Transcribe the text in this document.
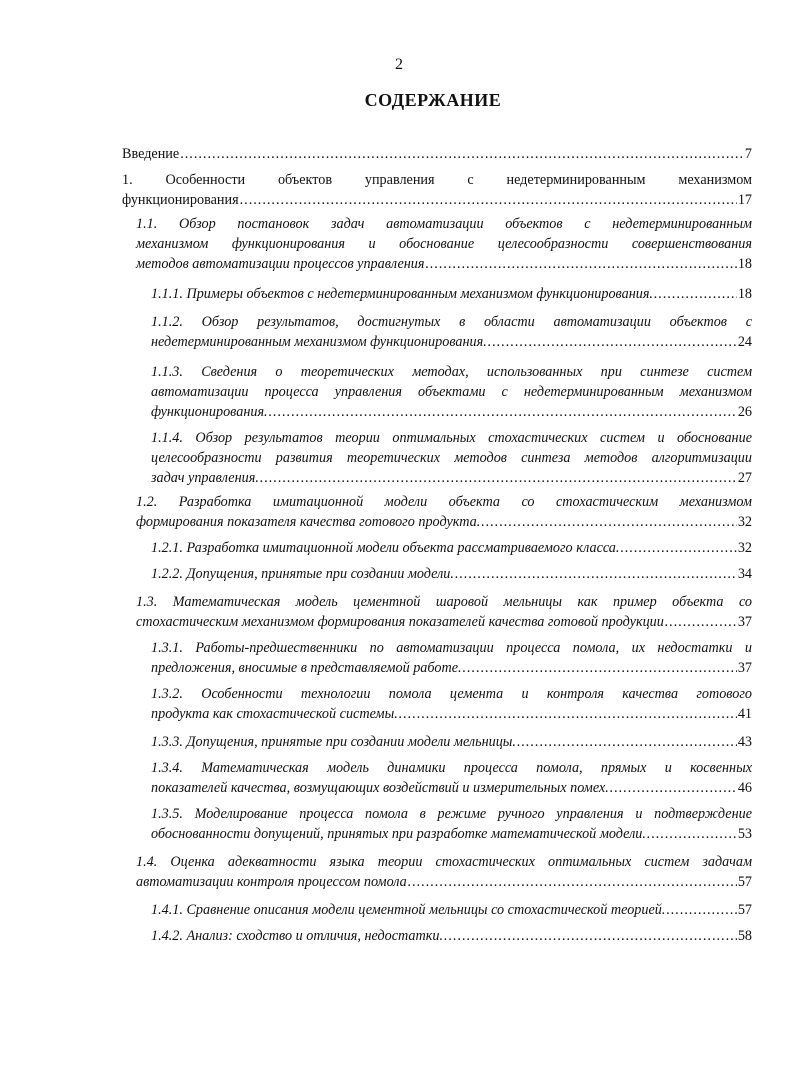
2
СОДЕРЖАНИЕ
Введение .....	7
1. Особенности объектов управления с недетерминированным механизмом
функционирования .....	17
1.1. Обзор постановок задач автоматизации объектов с недетерминированным
механизмом функционирования и обоснование целесообразности совершенствования
методов автоматизации процессов управления .....	18
1.1.1. Примеры объектов с недетерминированным механизмом функционирования. .....	18
1.1.2. Обзор результатов, достигнутых в области автоматизации объектов с
недетерминированным механизмом функционирования. .....	24
1.1.3. Сведения о теоретических методах, использованных при синтезе систем
автоматизации процесса управления объектами с недетерминированным механизмом
функционирования. .....	26
1.1.4. Обзор результатов теории оптимальных стохастических систем и обоснование
целесообразности развития теоретических методов синтеза методов алгоритмизации
задач управления. .....	27
1.2. Разработка имитационной модели объекта со стохастическим механизмом
формирования показателя качества готового продукта. .....	32
1.2.1. Разработка имитационной модели объекта рассматриваемого класса. .....	32
1.2.2. Допущения, принятые при создании модели. .....	34
1.3. Математическая модель цементной шаровой мельницы как пример объекта со
стохастическим механизмом формирования показателей качества готовой продукции .....	37
1.3.1. Работы-предшественники по автоматизации процесса помола, их недостатки и
предложения, вносимые в представляемой работе. .....	37
1.3.2. Особенности технологии помола цемента и контроля качества готового
продукта как стохастической системы. .....	41
1.3.3. Допущения, принятые при создании модели мельницы. .....	43
1.3.4. Математическая модель динамики процесса помола, прямых и косвенных
показателей качества, возмущающих воздействий и измерительных помех. .....	46
1.3.5. Моделирование процесса помола в режиме ручного управления и подтверждение
обоснованности допущений, принятых при разработке математической модели. .....	53
1.4. Оценка адекватности языка теории стохастических оптимальных систем задачам
автоматизации контроля процессом помола .....	57
1.4.1. Сравнение описания модели цементной мельницы со стохастической теорией. .....	57
1.4.2. Анализ: сходство и отличия, недостатки. .....	58
